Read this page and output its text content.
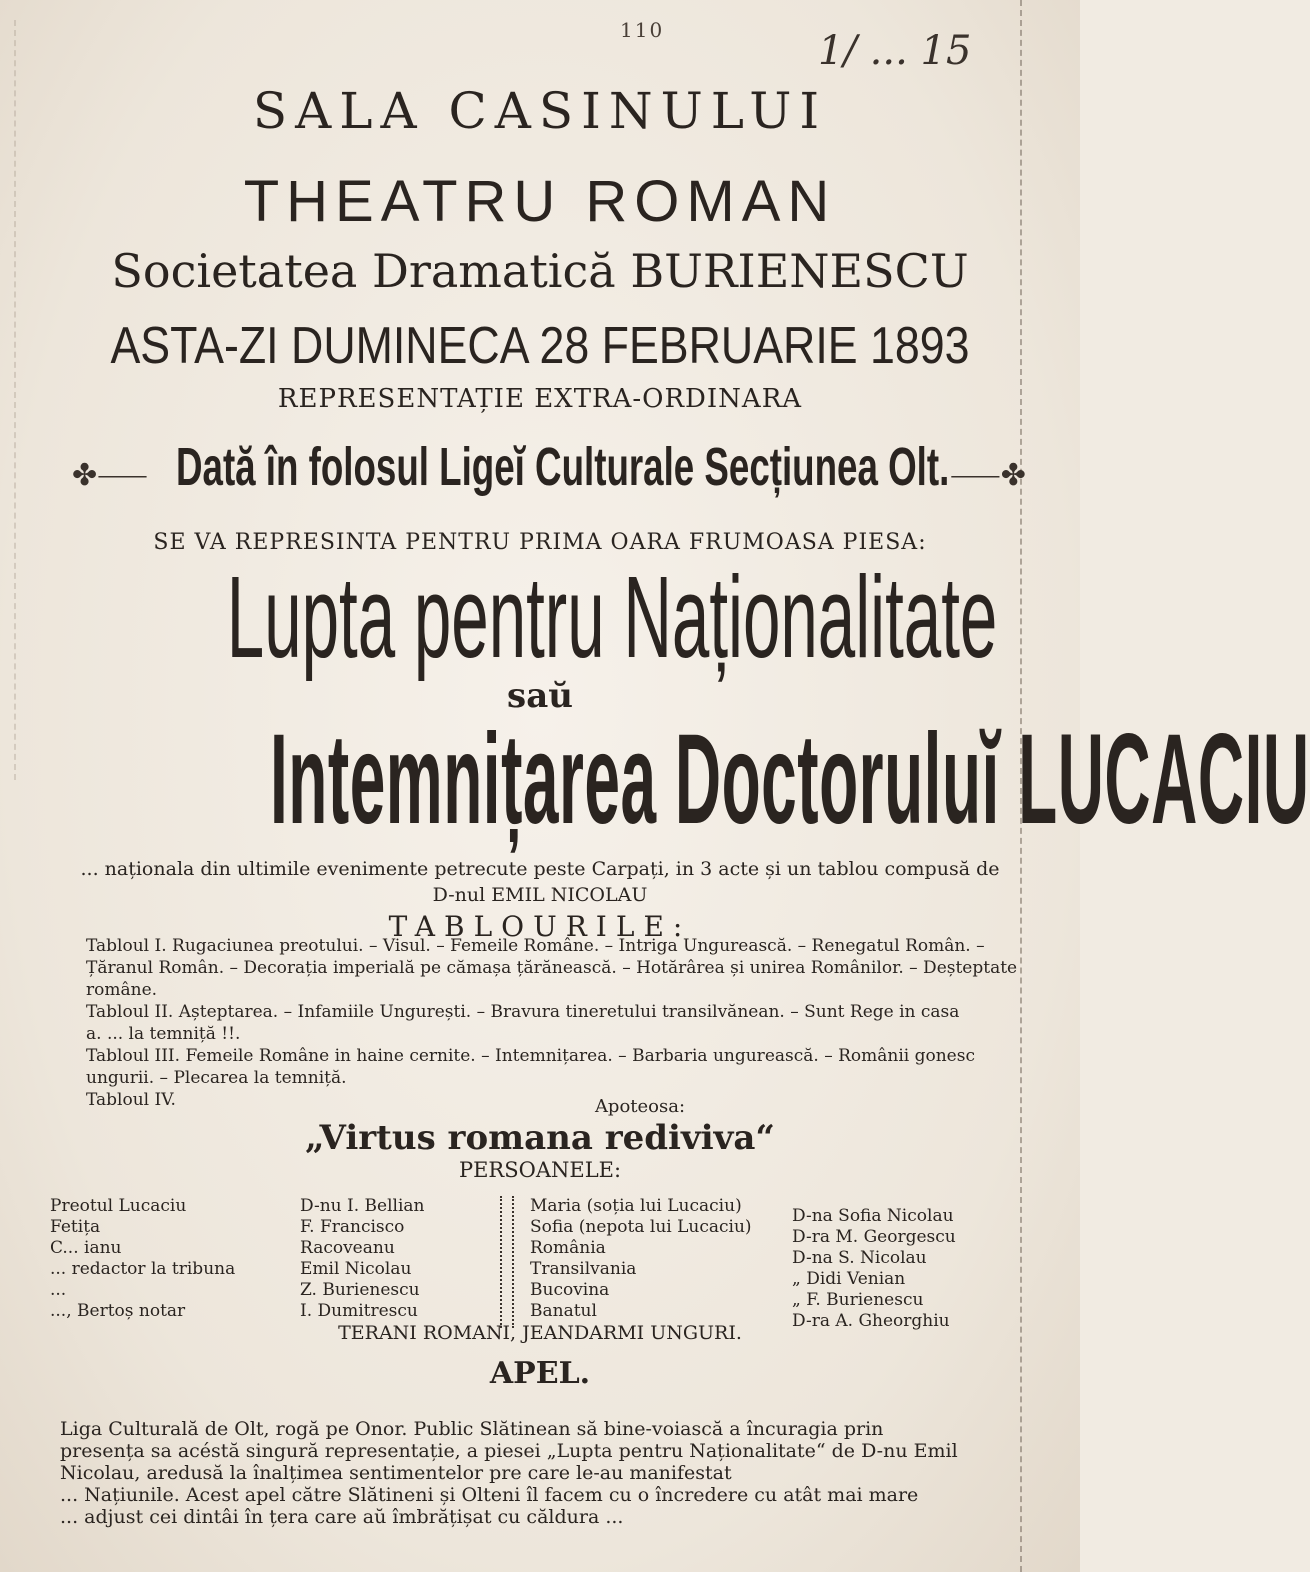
110	1/ ... 15
SALA CASINULUI
THEATRU ROMAN
Societatea Dramatică BURIENESCU
ASTA-ZI DUMINECA 28 FEBRUARIE 1893
REPRESENTAȚIE EXTRA-ORDINARA
✤⸺ Dată în folosul Ligeĭ Culturale Secțiunea Olt. ⸺✤
SE VA REPRESINTA PENTRU PRIMA OARA FRUMOASA PIESA:
Lupta pentru Naționalitate
saŭ
Intemnițarea Doctoruluĭ LUCACIU
... naționala din ultimile evenimente petrecute peste Carpați, in 3 acte și un tablou compusă de
D-nul EMIL NICOLAU
TABLOURILE:
Tabloul I. Rugaciunea preotului. – Visul. – Femeile Române. – Intriga Ungurească. – Renegatul Român. –
Țăranul Român. – Decorația imperială pe cămașa țărănească. – Hotărârea și unirea Românilor. – Deșteptate
române.
Tabloul II. Așteptarea. – Infamiile Ungurești. – Bravura tineretului transilvănean. – Sunt Rege in casa
a. ... la temniță !!.
Tabloul III. Femeile Române in haine cernite. – Intemnițarea. – Barbaria ungurească. – Românii gonesc
ungurii. – Plecarea la temniță.
Tabloul IV.	Apoteosa:
„Virtus romana rediviva“
PERSOANELE:
Preotul Lucaciu
Fetița
C... ianu
... redactor la tribuna
...
..., Bertoș notar
D-nu I. Bellian
F. Francisco
Racoveanu
Emil Nicolau
Z. Burienescu
I. Dumitrescu
Maria (soția lui Lucaciu)
Sofia (nepota lui Lucaciu)
România
Transilvania
Bucovina
Banatul
D-na Sofia Nicolau
D-ra M. Georgescu
D-na S. Nicolau
„ Didi Venian
„ F. Burienescu
D-ra A. Gheorghiu
TERANI ROMANI, JEANDARMI UNGURI.
APEL.
Liga Culturală de Olt, rogă pe Onor. Public Slătinean să bine-voiască a încuragia prin
presența sa acéstă singură representație, a piesei „Lupta pentru Naționalitate“ de D-nu Emil
Nicolau, aredusă la înalțimea sentimentelor pre care le-au manifestat
... Națiunile. Acest apel către Slătineni și Olteni îl facem cu o încredere cu atât mai mare
... adjust cei dintâi în țera care aŭ îmbrățișat cu căldura ...
